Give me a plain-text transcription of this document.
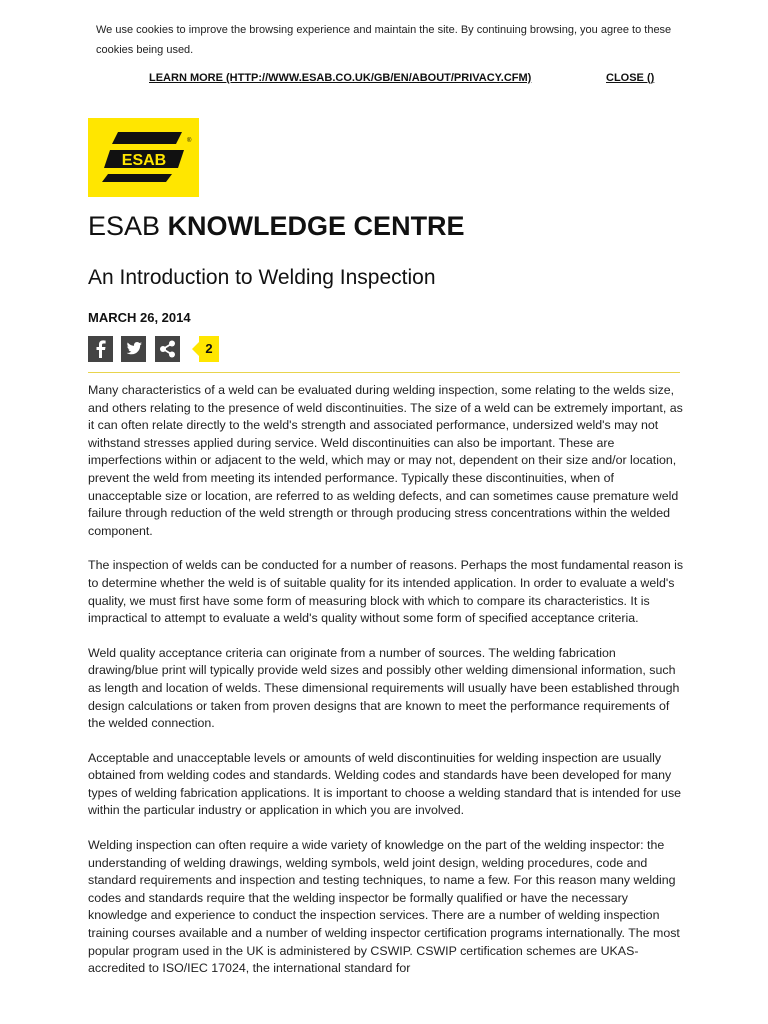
We use cookies to improve the browsing experience and maintain the site. By continuing browsing, you agree to these cookies being used.
LEARN MORE (HTTP://WWW.ESAB.CO.UK/GB/EN/ABOUT/PRIVACY.CFM)	CLOSE ()
ESAB
®
ESAB KNOWLEDGE CENTRE
An Introduction to Welding Inspection
MARCH 26, 2014
2

Many characteristics of a weld can be evaluated during welding inspection, some relating to the welds size, and others relating to the presence of weld discontinuities. The size of a weld can be extremely important, as it can often relate directly to the weld's strength and associated performance, undersized weld's may not withstand stresses applied during service. Weld discontinuities can also be important. These are imperfections within or adjacent to the weld, which may or may not, dependent on their size and/or location, prevent the weld from meeting its intended performance. Typically these discontinuities, when of unacceptable size or location, are referred to as welding defects, and can sometimes cause premature weld failure through reduction of the weld strength or through producing stress concentrations within the welded component.

The inspection of welds can be conducted for a number of reasons. Perhaps the most fundamental reason is to determine whether the weld is of suitable quality for its intended application. In order to evaluate a weld's quality, we must first have some form of measuring block with which to compare its characteristics. It is impractical to attempt to evaluate a weld's quality without some form of specified acceptance criteria.

Weld quality acceptance criteria can originate from a number of sources. The welding fabrication drawing/blue print will typically provide weld sizes and possibly other welding dimensional information, such as length and location of welds. These dimensional requirements will usually have been established through design calculations or taken from proven designs that are known to meet the performance requirements of the welded connection.

Acceptable and unacceptable levels or amounts of weld discontinuities for welding inspection are usually obtained from welding codes and standards. Welding codes and standards have been developed for many types of welding fabrication applications. It is important to choose a welding standard that is intended for use within the particular industry or application in which you are involved.

Welding inspection can often require a wide variety of knowledge on the part of the welding inspector: the understanding of welding drawings, welding symbols, weld joint design, welding procedures, code and standard requirements and inspection and testing techniques, to name a few. For this reason many welding codes and standards require that the welding inspector be formally qualified or have the necessary knowledge and experience to conduct the inspection services. There are a number of welding inspection training courses available and a number of welding inspector certification programs internationally. The most popular program used in the UK is administered by CSWIP. CSWIP certification schemes are UKAS-accredited to ISO/IEC 17024, the international standard for
